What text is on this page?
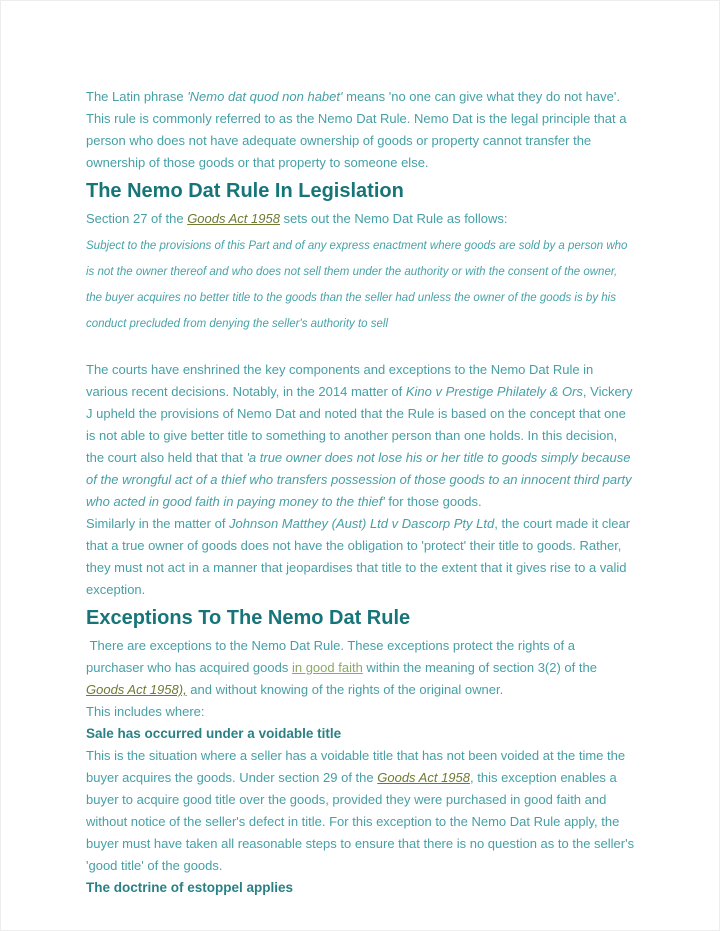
The Latin phrase 'Nemo dat quod non habet' means 'no one can give what they do not have'. This rule is commonly referred to as the Nemo Dat Rule. Nemo Dat is the legal principle that a person who does not have adequate ownership of goods or property cannot transfer the ownership of those goods or that property to someone else.
The Nemo Dat Rule In Legislation
Section 27 of the Goods Act 1958 sets out the Nemo Dat Rule as follows:
Subject to the provisions of this Part and of any express enactment where goods are sold by a person who is not the owner thereof and who does not sell them under the authority or with the consent of the owner, the buyer acquires no better title to the goods than the seller had unless the owner of the goods is by his conduct precluded from denying the seller's authority to sell
The courts have enshrined the key components and exceptions to the Nemo Dat Rule in various recent decisions. Notably, in the 2014 matter of Kino v Prestige Philately & Ors, Vickery J upheld the provisions of Nemo Dat and noted that the Rule is based on the concept that one is not able to give better title to something to another person than one holds. In this decision, the court also held that that 'a true owner does not lose his or her title to goods simply because of the wrongful act of a thief who transfers possession of those goods to an innocent third party who acted in good faith in paying money to the thief' for those goods.
Similarly in the matter of Johnson Matthey (Aust) Ltd v Dascorp Pty Ltd, the court made it clear that a true owner of goods does not have the obligation to 'protect' their title to goods. Rather, they must not act in a manner that jeopardises that title to the extent that it gives rise to a valid exception.
Exceptions To The Nemo Dat Rule
There are exceptions to the Nemo Dat Rule. These exceptions protect the rights of a purchaser who has acquired goods in good faith within the meaning of section 3(2) of the Goods Act 1958), and without knowing of the rights of the original owner.
This includes where:
Sale has occurred under a voidable title
This is the situation where a seller has a voidable title that has not been voided at the time the buyer acquires the goods. Under section 29 of the Goods Act 1958, this exception enables a buyer to acquire good title over the goods, provided they were purchased in good faith and without notice of the seller's defect in title. For this exception to the Nemo Dat Rule apply, the buyer must have taken all reasonable steps to ensure that there is no question as to the seller's 'good title' of the goods.
The doctrine of estoppel applies
